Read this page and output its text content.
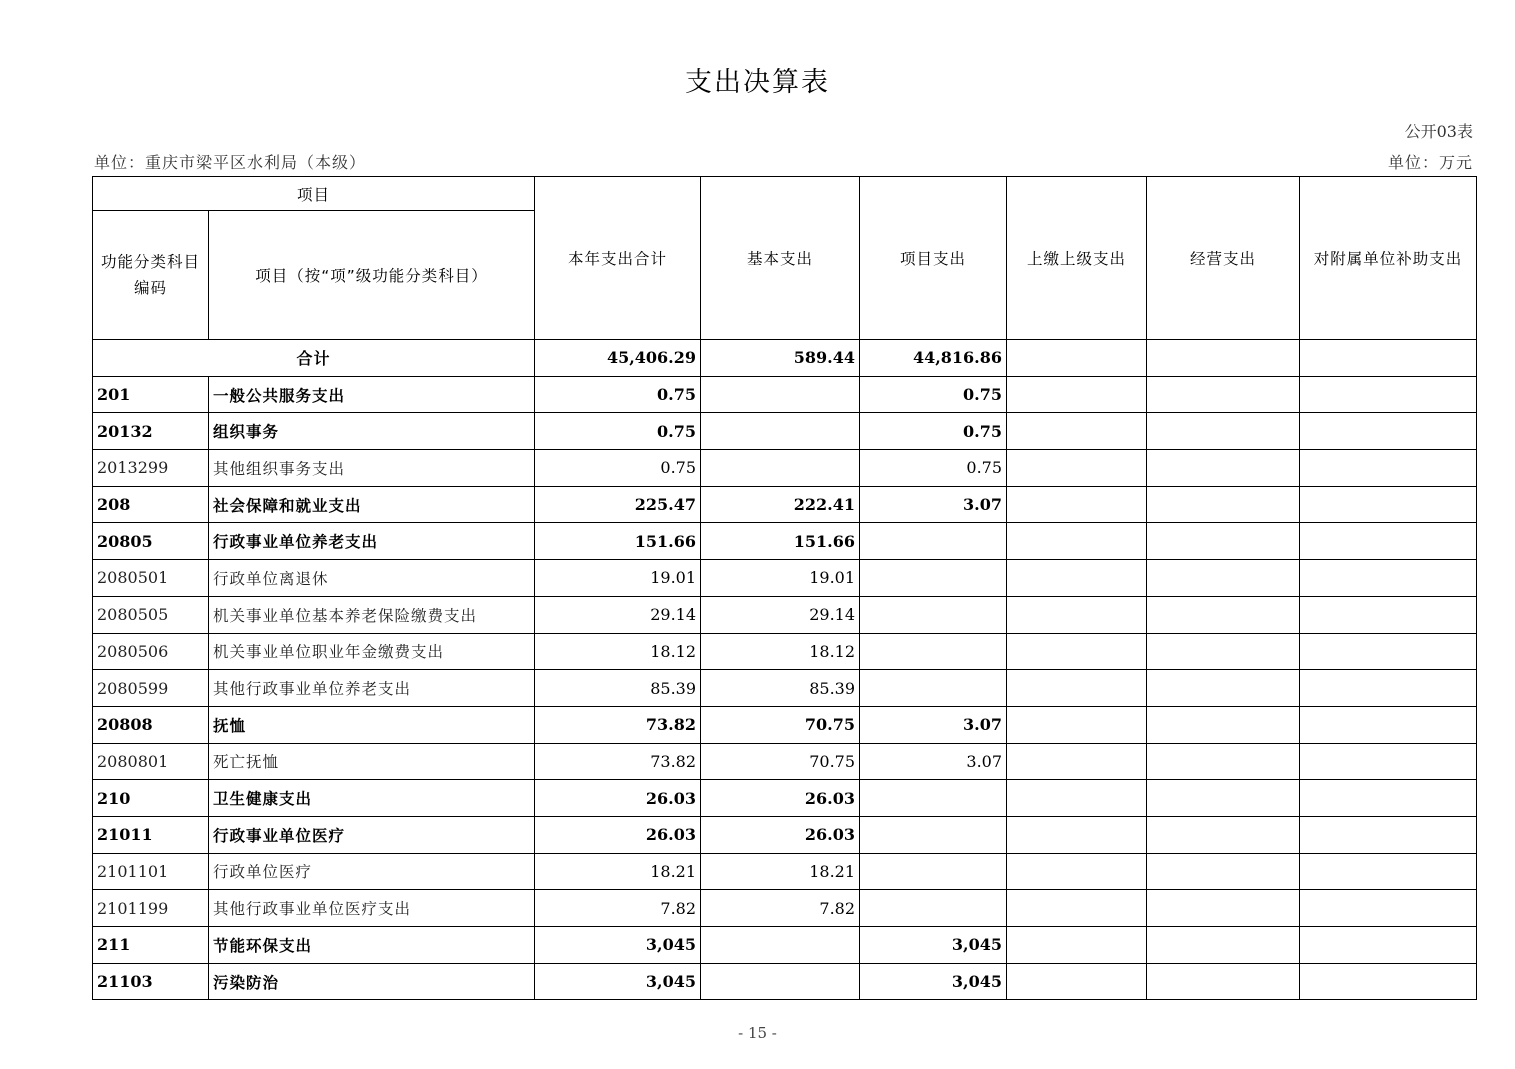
支出决算表
公开03表
单位：重庆市梁平区水利局（本级）	单位：万元
项目		本年支出合计	基本支出	项目支出	上缴上级支出	经营支出	对附属单位补助支出
功能分类科目编码	项目（按“项”级功能分类科目）						
合计		45,406.29	589.44	44,816.86			
201	一般公共服务支出	0.75		0.75			
20132	组织事务	0.75		0.75			
2013299	其他组织事务支出	0.75		0.75			
208	社会保障和就业支出	225.47	222.41	3.07			
20805	行政事业单位养老支出	151.66	151.66				
2080501	行政单位离退休	19.01	19.01				
2080505	机关事业单位基本养老保险缴费支出	29.14	29.14				
2080506	机关事业单位职业年金缴费支出	18.12	18.12				
2080599	其他行政事业单位养老支出	85.39	85.39				
20808	抚恤	73.82	70.75	3.07			
2080801	死亡抚恤	73.82	70.75	3.07			
210	卫生健康支出	26.03	26.03				
21011	行政事业单位医疗	26.03	26.03				
2101101	行政单位医疗	18.21	18.21				
2101199	其他行政事业单位医疗支出	7.82	7.82				
211	节能环保支出	3,045		3,045			
21103	污染防治	3,045		3,045			
- 15 -
